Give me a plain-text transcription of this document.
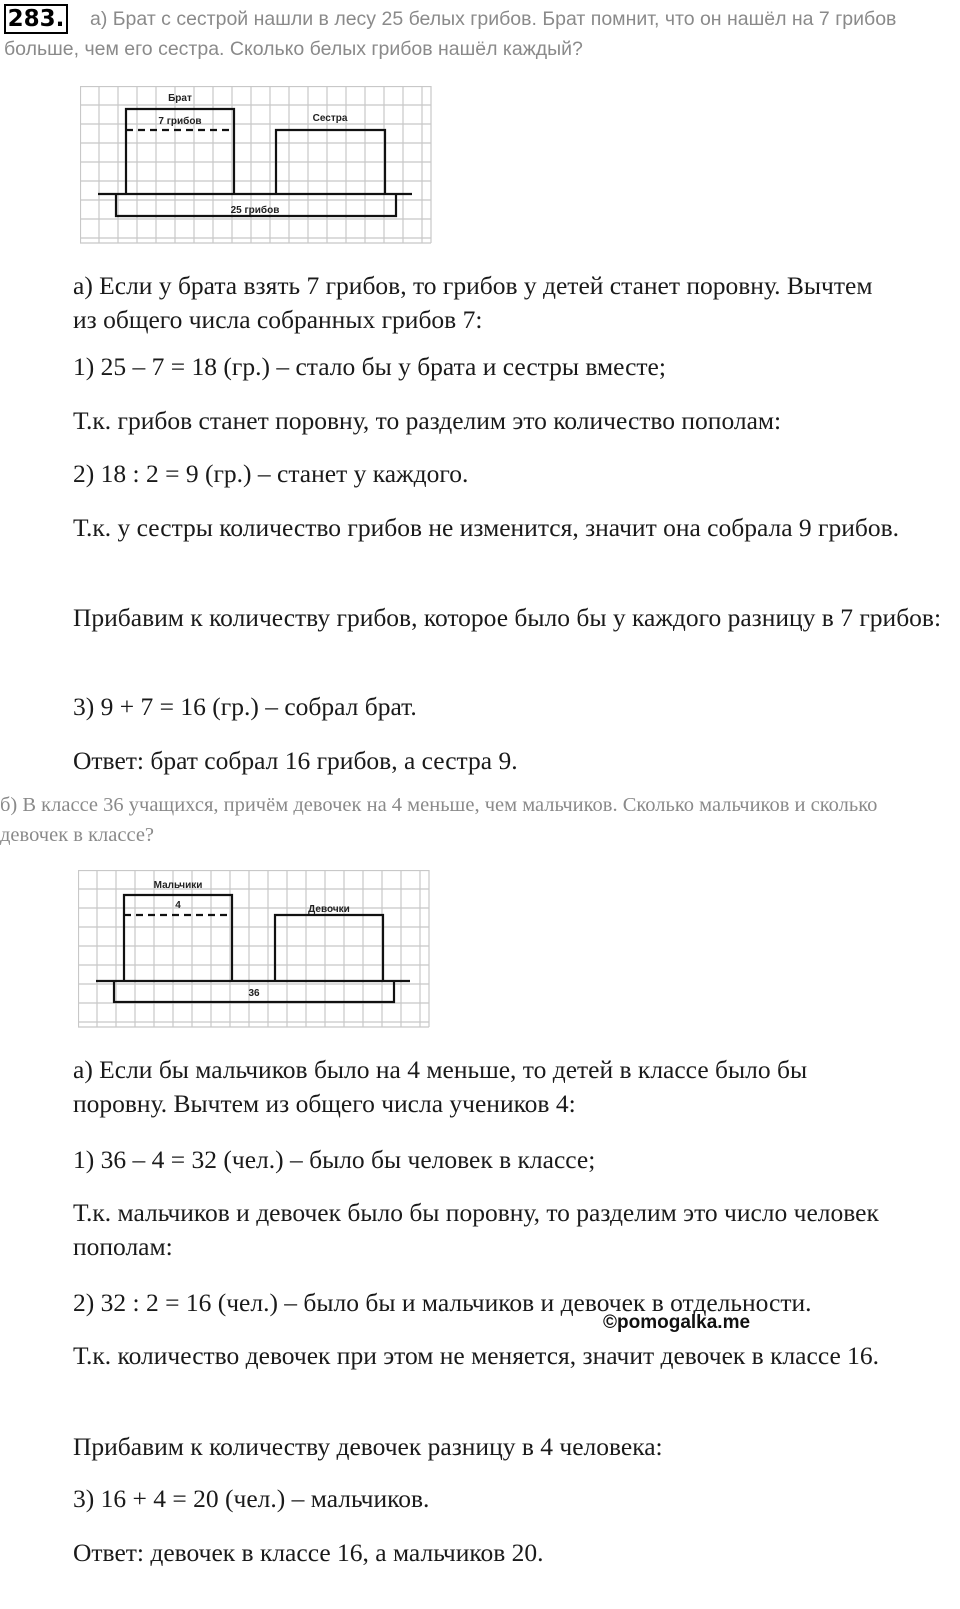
283.	а) Брат с сестрой нашли в лесу 25 белых грибов. Брат помнит, что он нашёл на 7 грибов больше, чем его сестра. Сколько белых грибов нашёл каждый?
Брат
7 грибов	Сестра
25 грибов
а) Если у брата взять 7 грибов, то грибов у детей станет поровну. Вычтем из общего числа собранных грибов 7:
1) 25 – 7 = 18 (гр.) – стало бы у брата и сестры вместе;
Т.к. грибов станет поровну, то разделим это количество пополам:
2) 18 : 2 = 9 (гр.) – станет у каждого.
Т.к. у сестры количество грибов не изменится, значит она собрала 9 грибов.
Прибавим к количеству грибов, которое было бы у каждого разницу в 7 грибов:
3) 9 + 7 = 16 (гр.) – собрал брат.
Ответ: брат собрал 16 грибов, а сестра 9.
б) В классе 36 учащихся, причём девочек на 4 меньше, чем мальчиков. Сколько мальчиков и сколько девочек в классе?
Мальчики
4	Девочки
36
а) Если бы мальчиков было на 4 меньше, то детей в классе было бы поровну. Вычтем из общего числа учеников 4:
1) 36 – 4 = 32 (чел.) – было бы человек в классе;
Т.к. мальчиков и девочек было бы поровну, то разделим это число человек пополам:
2) 32 : 2 = 16 (чел.) – было бы и мальчиков и девочек в отдельности.
©pomogalka.me
Т.к. количество девочек при этом не меняется, значит девочек в классе 16.
Прибавим к количеству девочек разницу в 4 человека:
3) 16 + 4 = 20 (чел.) – мальчиков.
Ответ: девочек в классе 16, а мальчиков 20.
